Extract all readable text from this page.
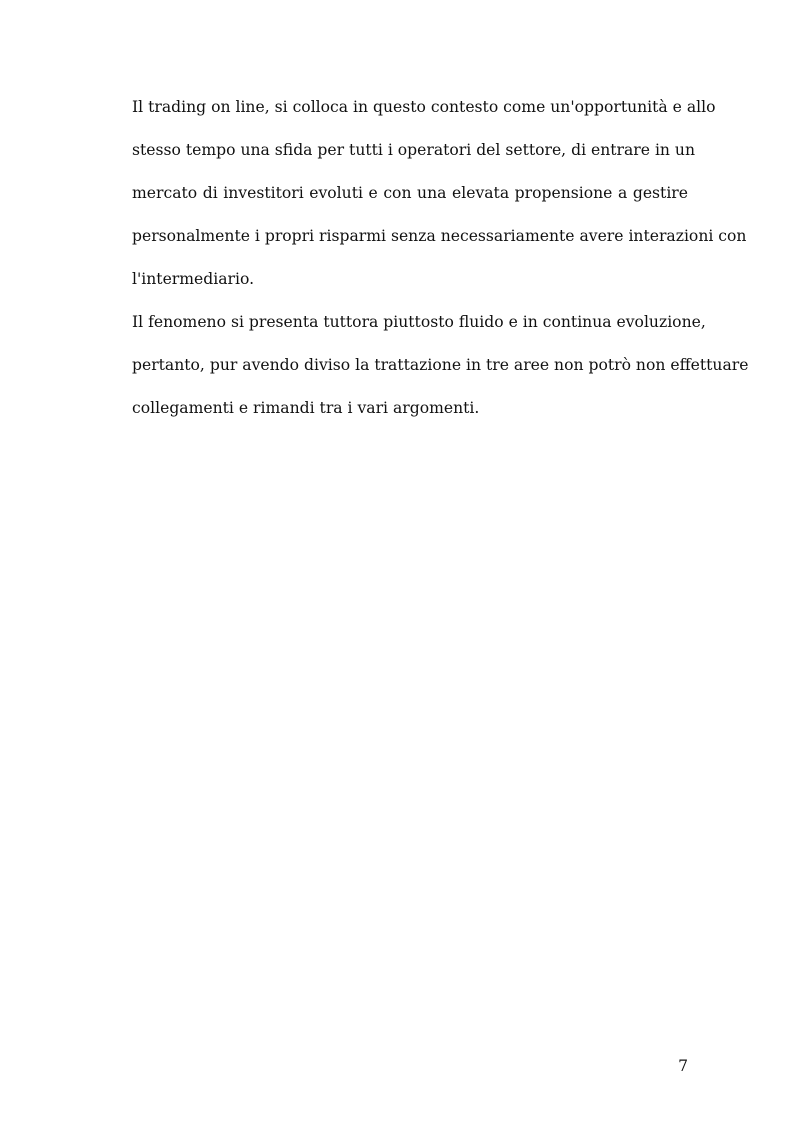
Il trading on line, si colloca in questo contesto come un'opportunità e allo
stesso tempo una sfida per tutti i operatori del settore, di entrare in un
mercato di investitori evoluti e con una elevata propensione a gestire
personalmente i propri risparmi senza necessariamente avere interazioni con
l'intermediario.
Il fenomeno si presenta tuttora piuttosto fluido e in continua evoluzione,
pertanto, pur avendo diviso la trattazione in tre aree non potrò non effettuare
collegamenti e rimandi tra i vari argomenti.
7
